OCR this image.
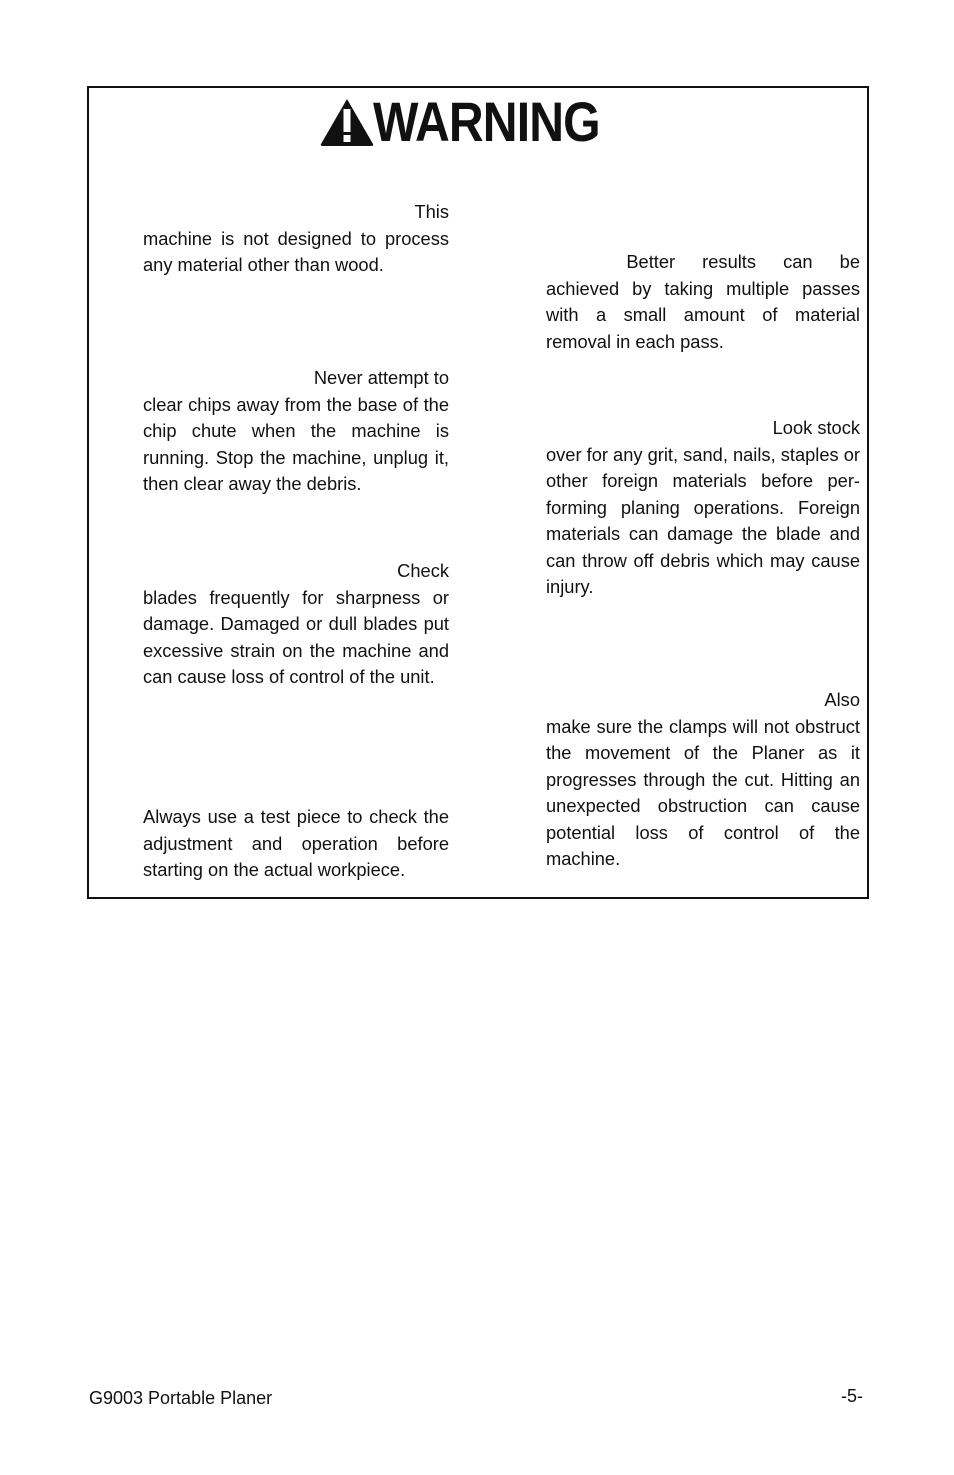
WARNING

This
machine is not designed to process any material other than wood.

Never attempt to
clear chips away from the base of the chip chute when the machine is running. Stop the machine, unplug it, then clear away the debris.

Check
blades frequently for sharpness or damage. Damaged or dull blades put excessive strain on the machine and can cause loss of control of the unit.

Always use a test piece to check the adjustment and operation before starting on the actual workpiece.

Better results can be
achieved by taking multiple passes with a small amount of material removal in each pass.

Look stock
over for any grit, sand, nails, staples or other foreign materials before per-forming planing operations. Foreign materials can damage the blade and can throw off debris which may cause injury.

Also
make sure the clamps will not obstruct the movement of the Planer as it progresses through the cut. Hitting an unexpected obstruction can cause potential loss of control of the machine.

G9003 Portable Planer	-5-
